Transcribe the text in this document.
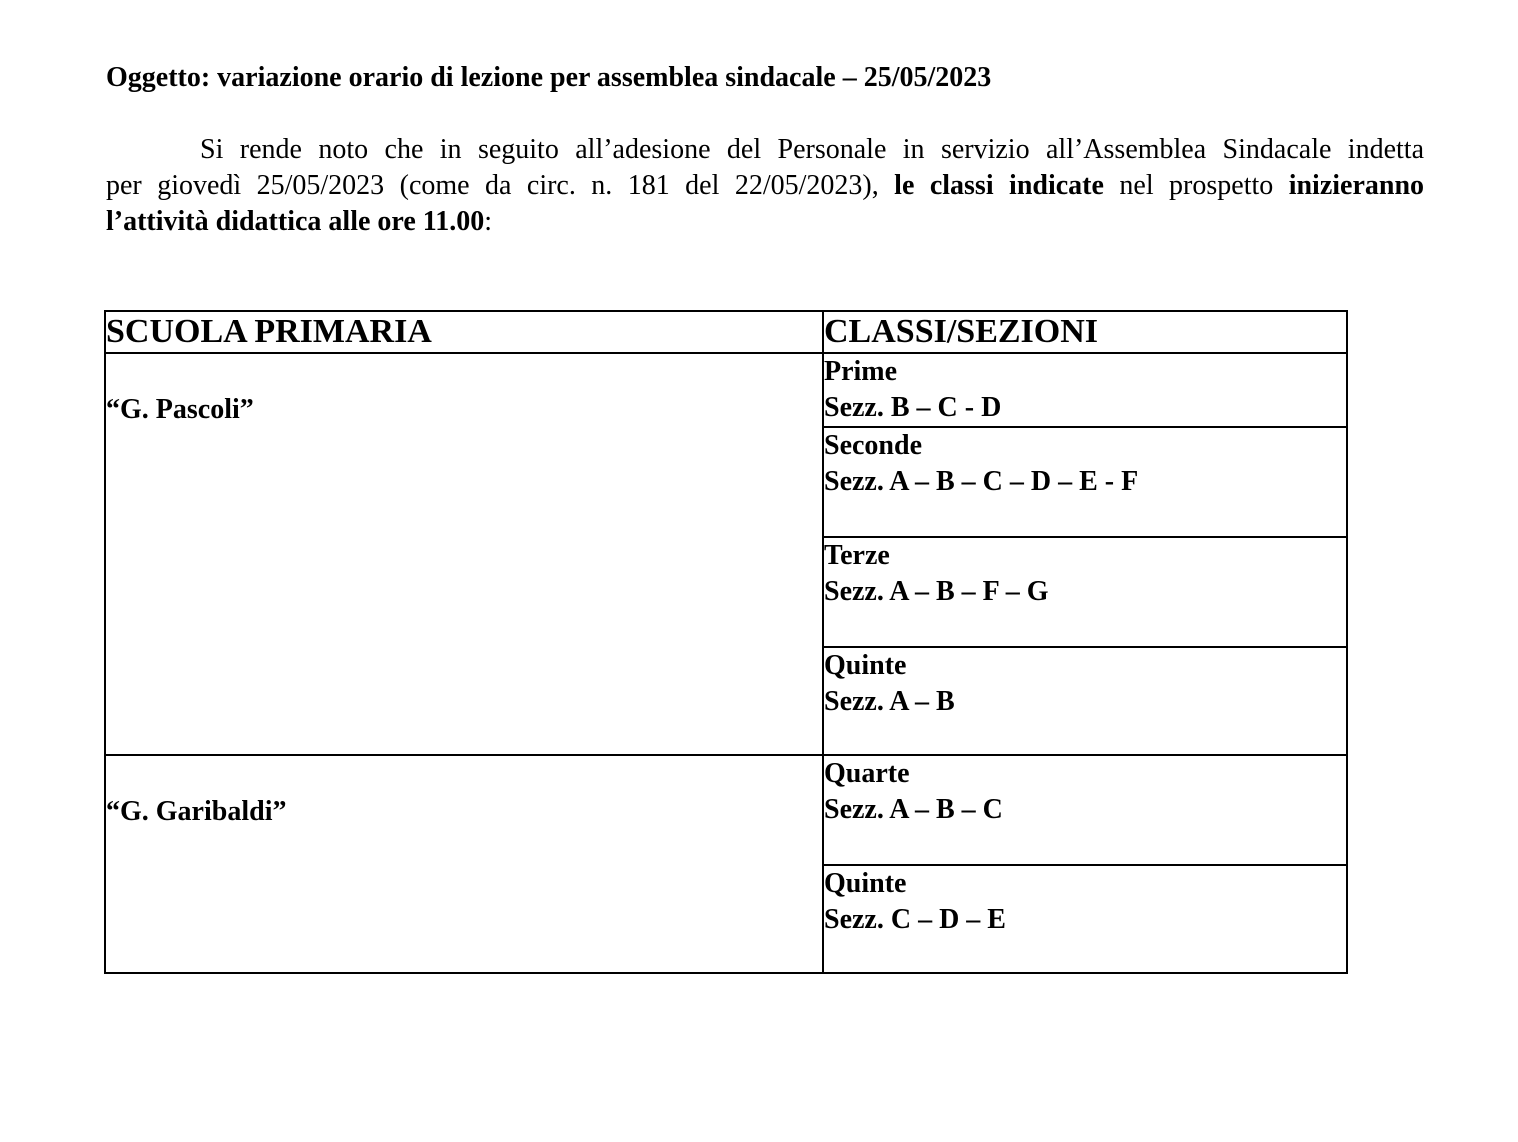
Oggetto: variazione orario di lezione per assemblea sindacale – 25/05/2023
Si rende noto che in seguito all’adesione del Personale in servizio all’Assemblea Sindacale indetta
per giovedì 25/05/2023 (come da circ. n. 181 del 22/05/2023), le classi indicate nel prospetto inizieranno
l’attività didattica alle ore 11.00:
SCUOLA PRIMARIA	CLASSI/SEZIONI

“G. Pascoli”	Prime
Sezz. B – C - D

	Seconde
Sezz. A – B – C – D – E - F

	Terze
Sezz. A – B – F – G

	Quinte
Sezz. A – B

“G. Garibaldi”	Quarte
Sezz. A – B – C

	Quinte
Sezz. C – D – E
